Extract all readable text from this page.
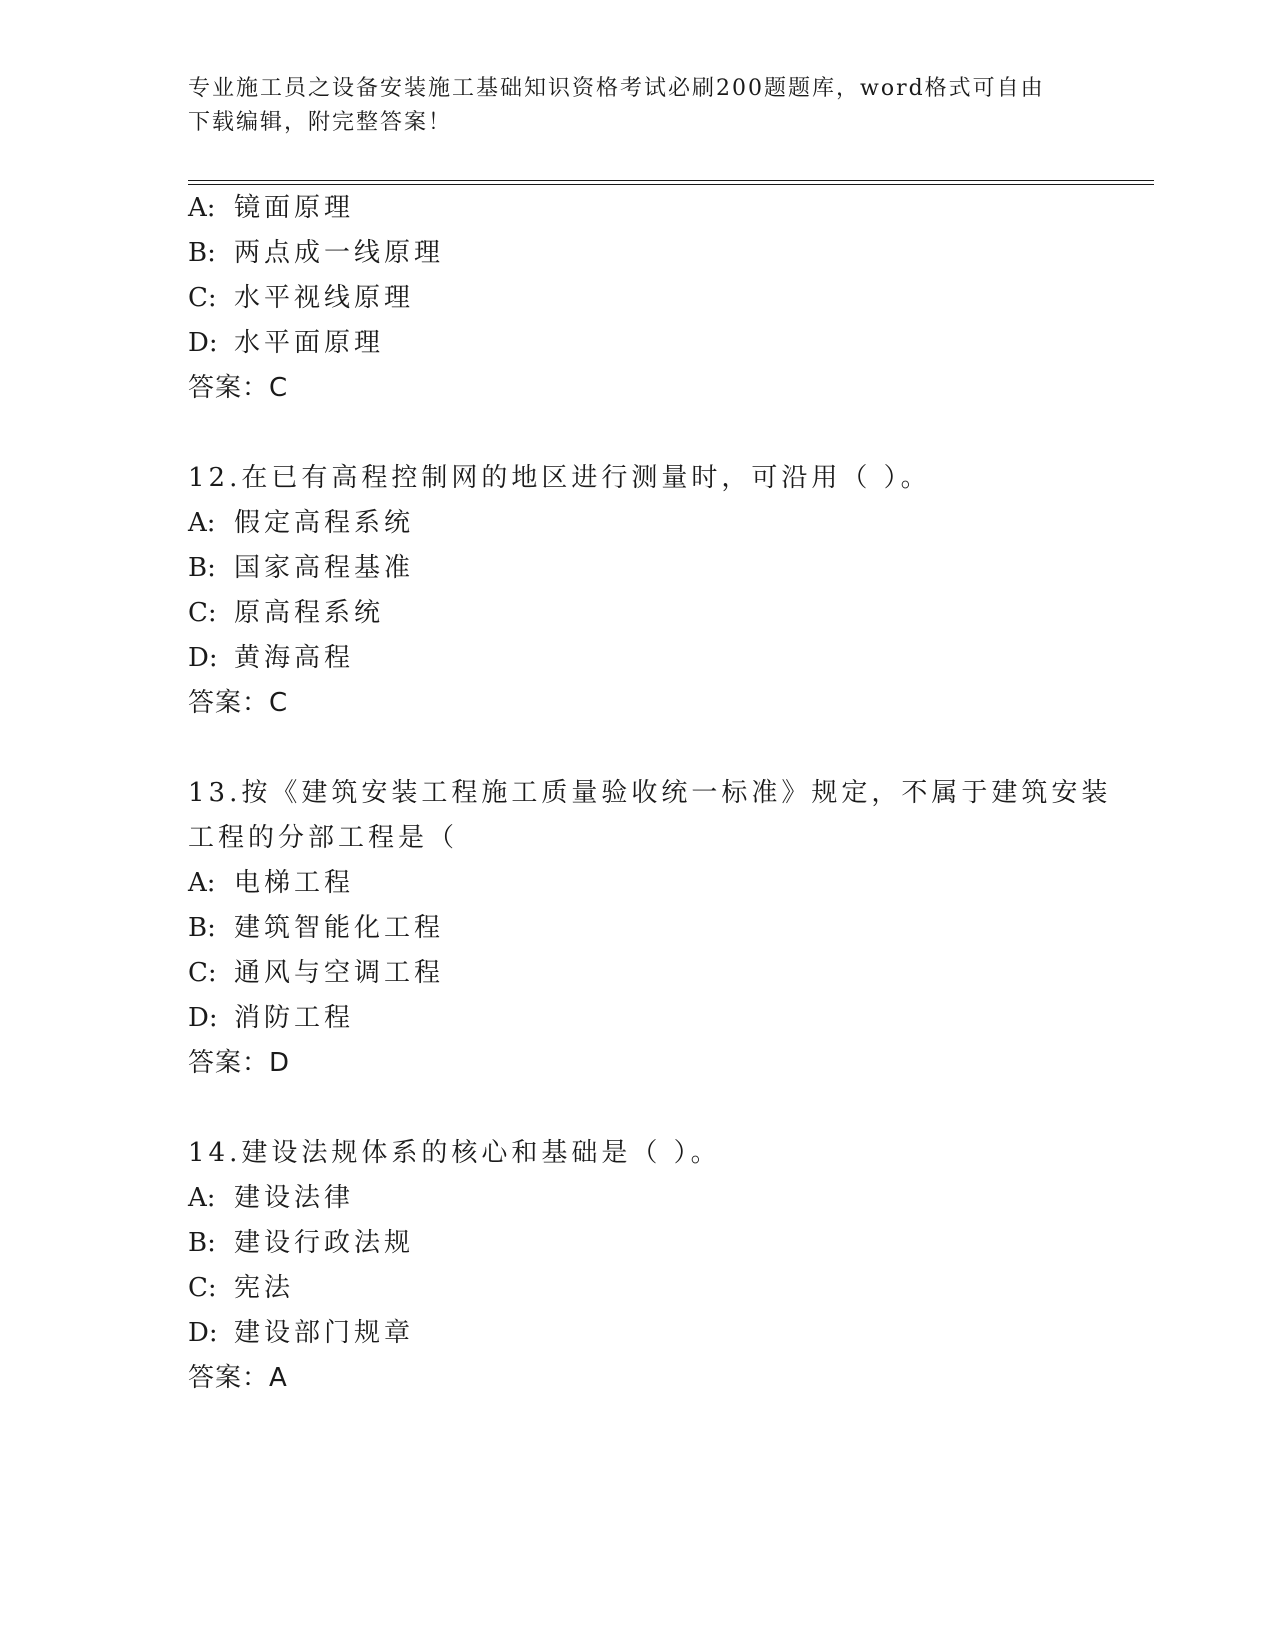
专业施工员之设备安装施工基础知识资格考试必刷200题题库，word格式可自由
下载编辑，附完整答案！
A: 镜面原理
B: 两点成一线原理
C: 水平视线原理
D: 水平面原理
答案：C
12.在已有高程控制网的地区进行测量时，可沿用（ ）。
A: 假定高程系统
B: 国家高程基准
C: 原高程系统
D: 黄海高程
答案：C
13.按《建筑安装工程施工质量验收统一标准》规定，不属于建筑安装
工程的分部工程是（
A: 电梯工程
B: 建筑智能化工程
C: 通风与空调工程
D: 消防工程
答案：D
14.建设法规体系的核心和基础是（ ）。
A: 建设法律
B: 建设行政法规
C: 宪法
D: 建设部门规章
答案：A
